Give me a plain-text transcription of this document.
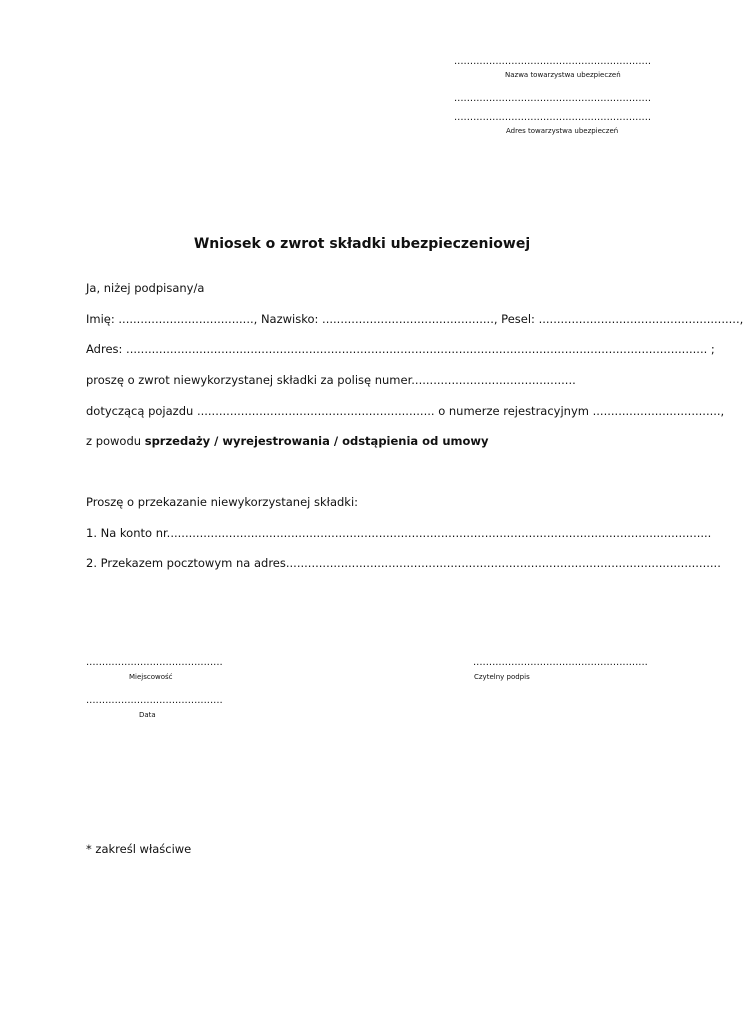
..............................................................
Nazwa towarzystwa ubezpieczeń
..............................................................
..............................................................
Adres towarzystwa ubezpieczeń
Wniosek o zwrot składki ubezpieczeniowej
Ja, niżej podpisany/a
Imię: ....................................., Nazwisko: ..............................................., Pesel: .......................................................,
Adres: ............................................................................................................................................................... ;
proszę o zwrot niewykorzystanej składki za polisę numer.............................................
dotyczącą pojazdu ................................................................. o numerze rejestracyjnym ...................................,
z powodu sprzedaży / wyrejestrowania / odstąpienia od umowy
Proszę o przekazanie niewykorzystanej składki:
1. Na konto nr.....................................................................................................................................................
2. Przekazem pocztowym na adres.......................................................................................................................
...........................................
Miejscowość
.......................................................
Czytelny podpis
...........................................
Data
* zakreśl właściwe
